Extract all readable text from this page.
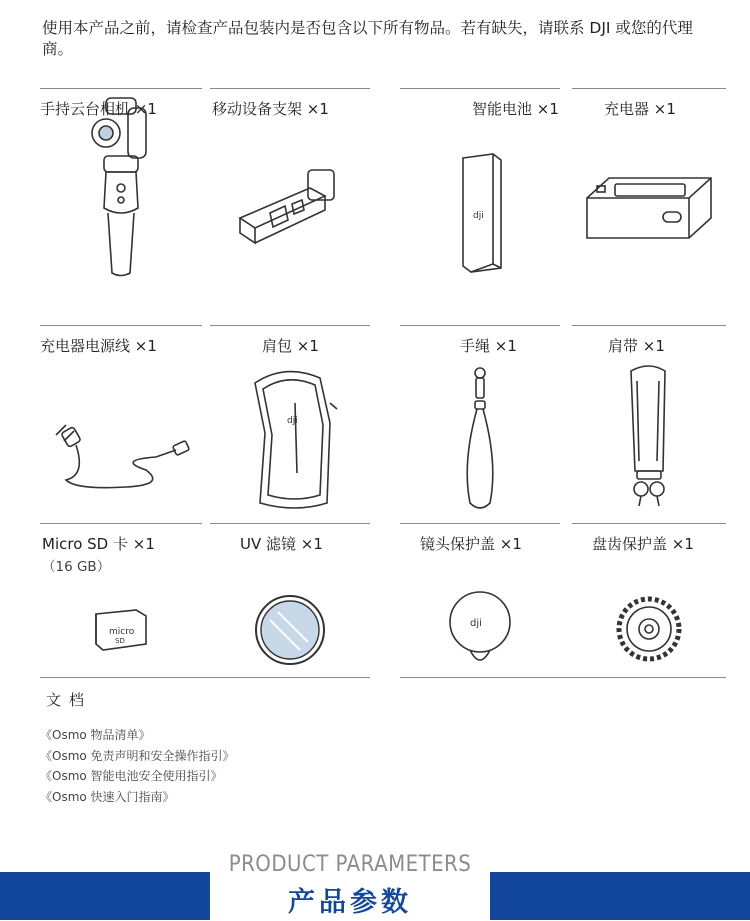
使用本产品之前，请检查产品包装内是否包含以下所有物品。若有缺失，请联系 DJI 或您的代理商。
手持云台相机 ×1	移动设备支架 ×1	智能电池 ×1
dji
充电器 ×1
充电器电源线 ×1	肩包 ×1
dji
手绳 ×1	肩带 ×1
Micro SD 卡 ×1
（16 GB）
micro
SD
UV 滤镜 ×1	镜头保护盖 ×1
dji
盘齿保护盖 ×1
文档
《Osmo 物品清单》
《Osmo 免责声明和安全操作指引》
《Osmo 智能电池安全使用指引》
《Osmo 快速入门指南》
PRODUCT PARAMETERS
产品参数
